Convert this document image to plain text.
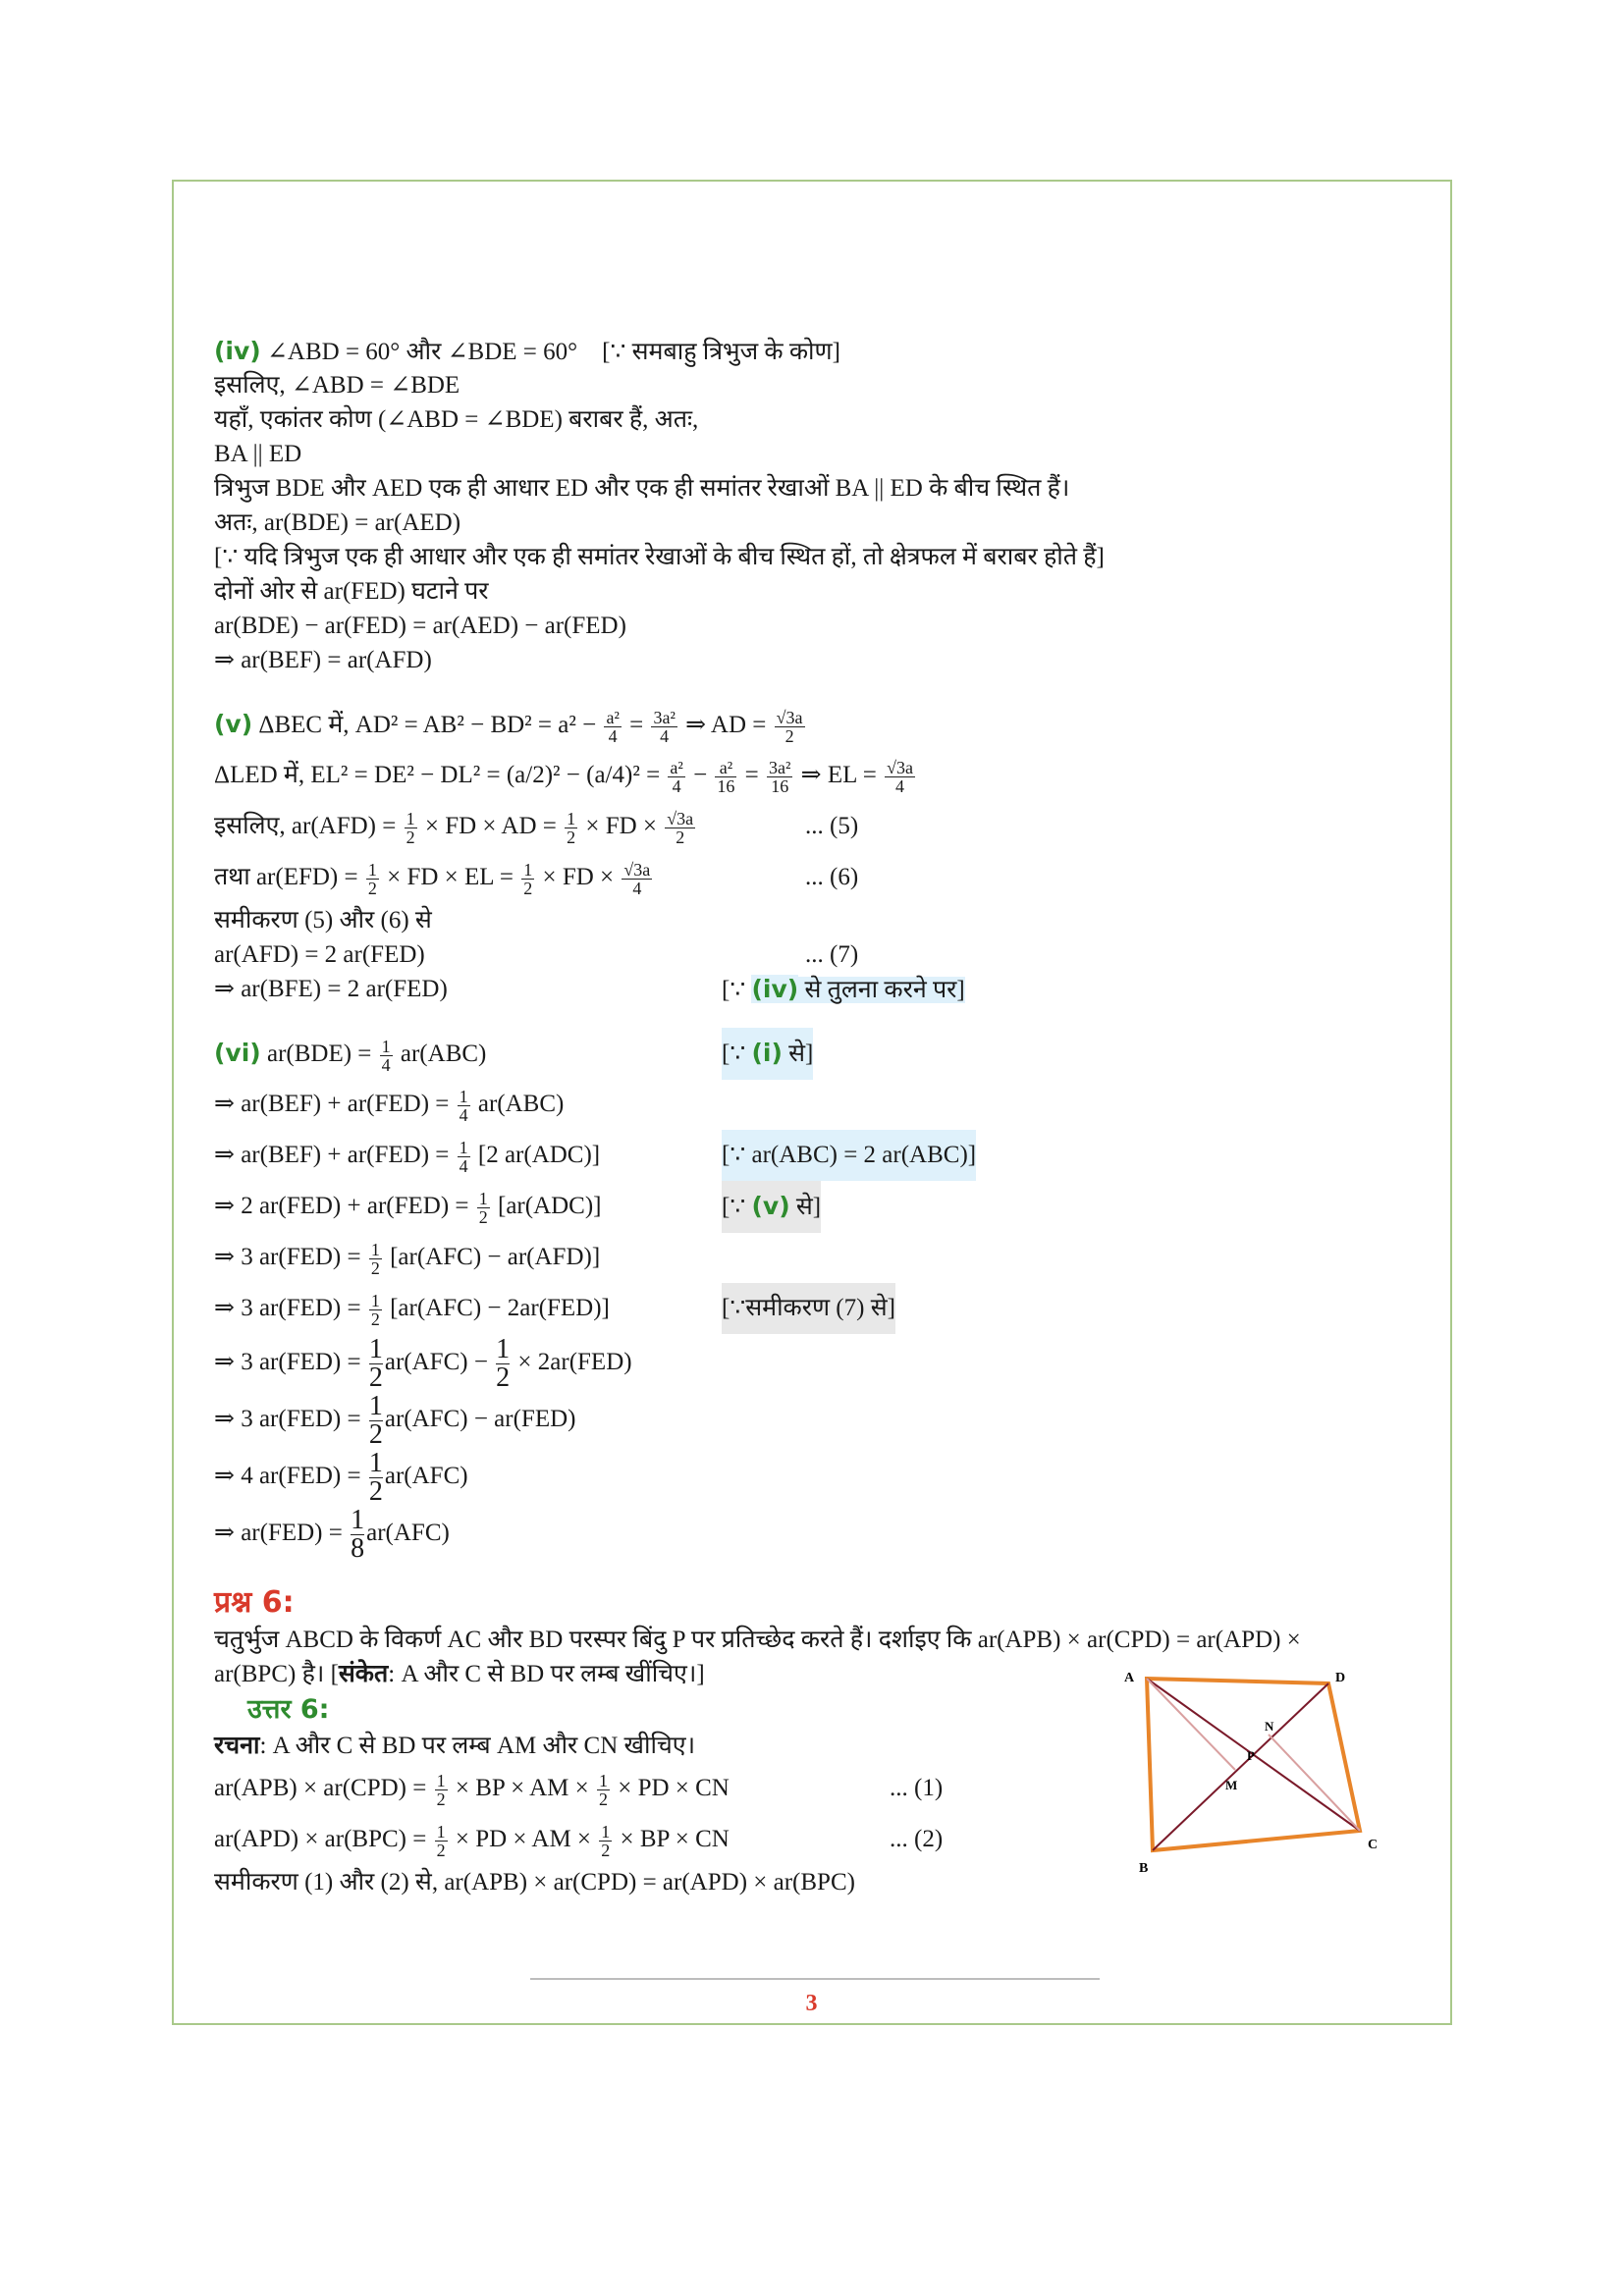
(iv) ∠ABD = 60° और ∠BDE = 60° [∵ समबाहु त्रिभुज के कोण]
इसलिए, ∠ABD = ∠BDE
यहाँ, एकांतर कोण (∠ABD = ∠BDE) बराबर हैं, अतः,
BA || ED
त्रिभुज BDE और AED एक ही आधार ED और एक ही समांतर रेखाओं BA || ED के बीच स्थित हैं।
अतः, ar(BDE) = ar(AED)
[∵ यदि त्रिभुज एक ही आधार और एक ही समांतर रेखाओं के बीच स्थित हों, तो क्षेत्रफल में बराबर होते हैं]
दोनों ओर से ar(FED) घटाने पर
ar(BDE) − ar(FED) = ar(AED) − ar(FED)
⇒ ar(BEF) = ar(AFD)
(v) ΔBEC में, $AD^2 = AB^2 - BD^2 = a^2 - \frac{\text{a²}}{4} = \frac{\text{3a²}}{4}$ ⇒ AD = $\frac{√3a}{2}$
ΔLED में, $EL^2 = DE^2 - DL^2 = (a/2)^2 - (a/4)^2 = \frac{\text{a²}}{4} - \frac{\text{a²}}{16} = \frac{\text{3a²}}{16}$ ⇒ EL = $\frac{√3a}{4}$
इसलिए, $ar(AFD) = \frac{1}{2}$ × FD × AD = $\frac{1}{2}$ × FD × $\frac{√3a}{2}$	... (5)
तथा $ar(EFD) = \frac{1}{2}$ × FD × EL = $\frac{1}{2}$ × FD × $\frac{√3a}{4}$	... (6)
समीकरण (5) और (6) से
ar(AFD) = 2 ar(FED)	... (7)
⇒ ar(BFE) = 2 ar(FED)	[∵ (iv) से तुलना करने पर]
(vi) $ar(BDE) = \frac{1}{4} ar(ABC)$	[∵ (i) से]
⇒ $ar(BEF) + ar(FED) = \frac{1}{4} ar(ABC)$
⇒ $ar(BEF) + ar(FED) = \frac{1}{4} [2$ ar(ADC)]	[∵ ar(ABC) = 2 ar(ABC)]
⇒ 2 $ar(FED) + ar(FED) = \frac{1}{2} [ar(ADC)]$	[∵ (v) से]
⇒ 3 $ar(FED) = \frac{1}{2} [ar(AFC) - ar(AFD)]$
⇒ 3 $ar(FED) = \frac{1}{2} [ar(AFC) - 2ar(FED)]$	[∵समीकरण (7) से]
⇒ 3 $ar(FED) = \frac{1}{2} ar(AFC) - \frac{1}{2} \times 2ar(FED)$
⇒ 3 $ar(FED) = \frac{1}{2} ar(AFC) - ar(FED)$
⇒ 4 $ar(FED) = \frac{1}{2} ar(AFC)$
⇒ $ar(FED) = \frac{1}{8} ar(AFC)$
प्रश्न 6:
चतुर्भुज ABCD के विकर्ण AC और BD परस्पर बिंदु P पर प्रतिच्छेद करते हैं। दर्शाइए कि ar(APB) × ar(CPD) = ar(APD) ×
ar(BPC) है। [संकेत: A और C से BD पर लम्ब खींचिए।]
उत्तर 6:
रचना: A और C से BD पर लम्ब AM और CN खीचिए।
$ar(APB) \times ar(CPD) = \frac{1}{2}$ × BP × AM × $\frac{1}{2}$ × PD × CN	... (1)
$ar(APD) \times ar(BPC) = \frac{1}{2}$ × PD × AM × $\frac{1}{2}$ × BP × CN	... (2)
समीकरण (1) और (2) से, ar(APB) × ar(CPD) = ar(APD) × ar(BPC)
A	D
C
B
P
M
N
3
